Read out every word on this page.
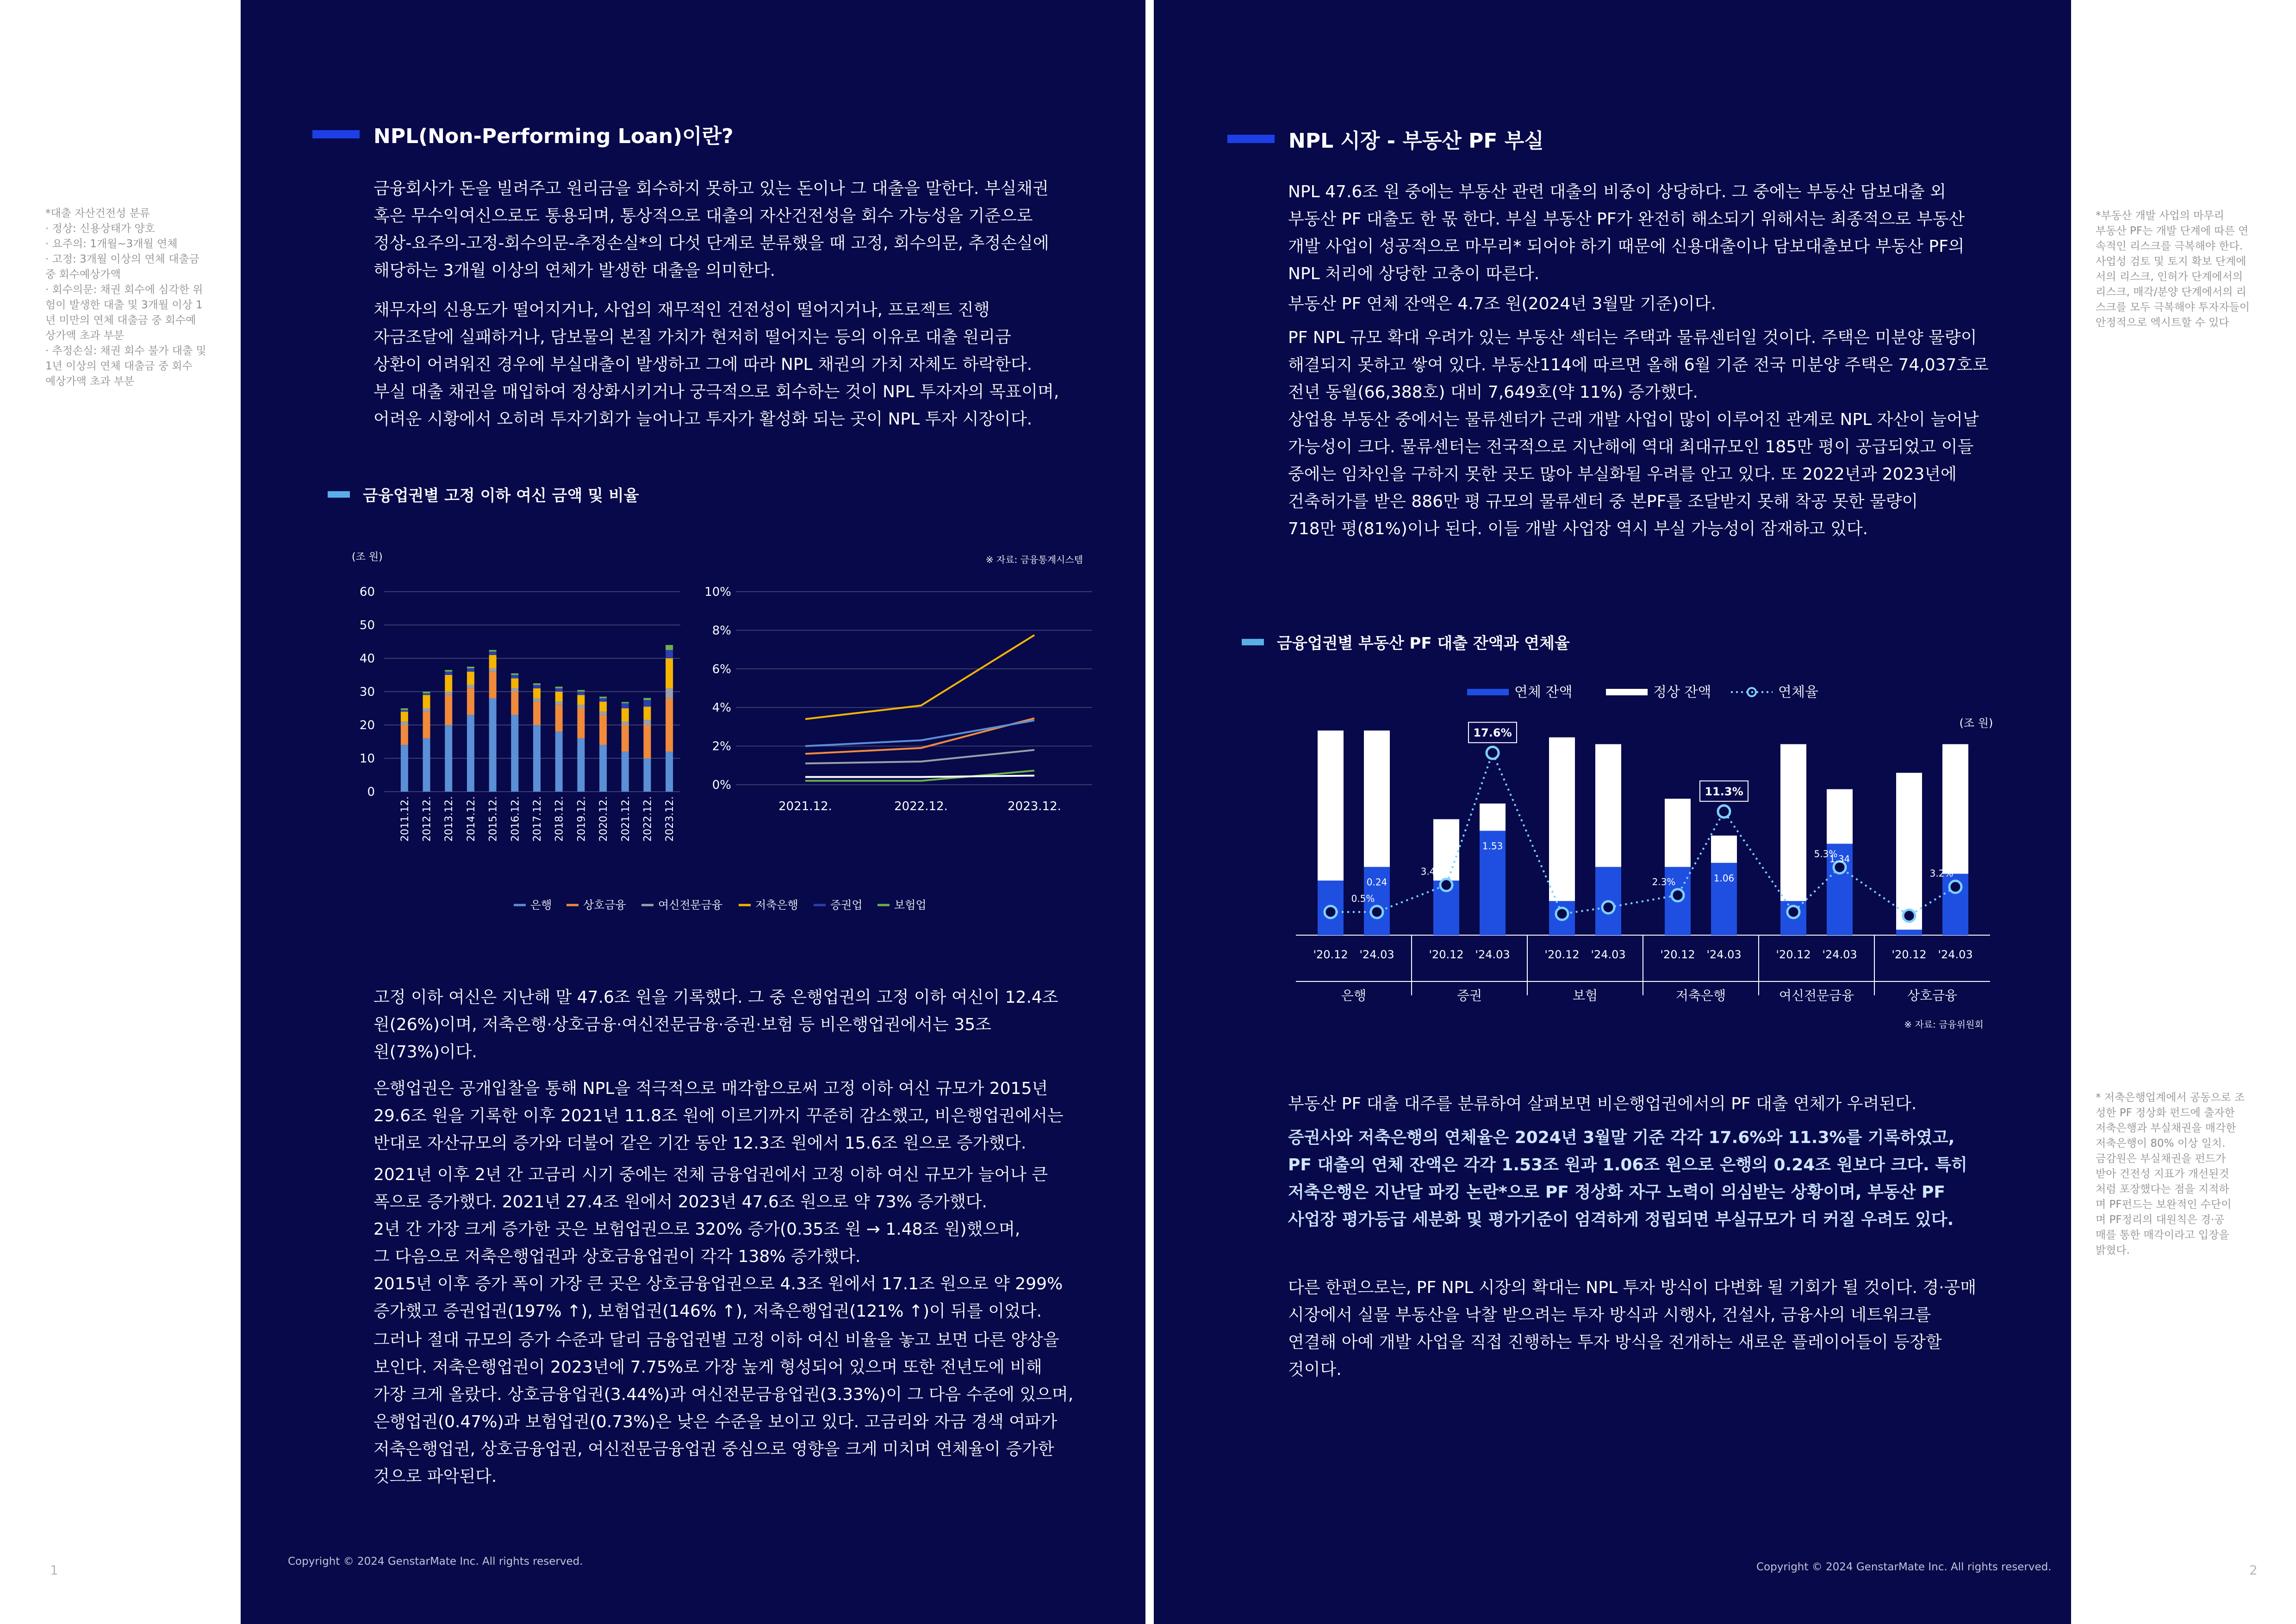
*대출 자산건전성 분류
· 정상: 신용상태가 양호
· 요주의: 1개월~3개월 연체
· 고정: 3개월 이상의 연체 대출금
중 회수예상가액
· 회수의문: 채권 회수에 심각한 위
험이 발생한 대출 및 3개월 이상 1
년 미만의 연체 대출금 중 회수예
상가액 초과 부분
· 추정손실: 채권 회수 불가 대출 및
1년 이상의 연체 대출금 중 회수
예상가액 초과 부분
NPL(Non-Performing Loan)이란?
금융회사가 돈을 빌려주고 원리금을 회수하지 못하고 있는 돈이나 그 대출을 말한다. 부실채권
혹은 무수익여신으로도 통용되며, 통상적으로 대출의 자산건전성을 회수 가능성을 기준으로
정상-요주의-고정-회수의문-추정손실*의 다섯 단계로 분류했을 때 고정, 회수의문, 추정손실에
해당하는 3개월 이상의 연체가 발생한 대출을 의미한다.
채무자의 신용도가 떨어지거나, 사업의 재무적인 건전성이 떨어지거나, 프로젝트 진행
자금조달에 실패하거나, 담보물의 본질 가치가 현저히 떨어지는 등의 이유로 대출 원리금
상환이 어려워진 경우에 부실대출이 발생하고 그에 따라 NPL 채권의 가치 자체도 하락한다.
부실 대출 채권을 매입하여 정상화시키거나 궁극적으로 회수하는 것이 NPL 투자자의 목표이며,
어려운 시황에서 오히려 투자기회가 늘어나고 투자가 활성화 되는 곳이 NPL 투자 시장이다.
금융업권별 고정 이하 여신 금액 및 비율
(조 원)
60
50
40
30
20
10
0
2011.12. 2012.12. 2013.12. 2014.12. 2015.12. 2016.12. 2017.12. 2018.12. 2019.12. 2020.12. 2021.12. 2022.12. 2023.12.
※ 자료: 금융통계시스템
10%
8%
6%
4%
2%
0%
2021.12.	2022.12.	2023.12.
은행	상호금융	여신전문금융	저축은행	증권업	보험업
고정 이하 여신은 지난해 말 47.6조 원을 기록했다. 그 중 은행업권의 고정 이하 여신이 12.4조
원(26%)이며, 저축은행·상호금융·여신전문금융·증권·보험 등 비은행업권에서는 35조
원(73%)이다.
은행업권은 공개입찰을 통해 NPL을 적극적으로 매각함으로써 고정 이하 여신 규모가 2015년
29.6조 원을 기록한 이후 2021년 11.8조 원에 이르기까지 꾸준히 감소했고, 비은행업권에서는
반대로 자산규모의 증가와 더불어 같은 기간 동안 12.3조 원에서 15.6조 원으로 증가했다.
2021년 이후 2년 간 고금리 시기 중에는 전체 금융업권에서 고정 이하 여신 규모가 늘어나 큰
폭으로 증가했다. 2021년 27.4조 원에서 2023년 47.6조 원으로 약 73% 증가했다.
2년 간 가장 크게 증가한 곳은 보험업권으로 320% 증가(0.35조 원 → 1.48조 원)했으며,
그 다음으로 저축은행업권과 상호금융업권이 각각 138% 증가했다.
2015년 이후 증가 폭이 가장 큰 곳은 상호금융업권으로 4.3조 원에서 17.1조 원으로 약 299%
증가했고 증권업권(197% ↑), 보험업권(146% ↑), 저축은행업권(121% ↑)이 뒤를 이었다.
그러나 절대 규모의 증가 수준과 달리 금융업권별 고정 이하 여신 비율을 놓고 보면 다른 양상을
보인다. 저축은행업권이 2023년에 7.75%로 가장 높게 형성되어 있으며 또한 전년도에 비해
가장 크게 올랐다. 상호금융업권(3.44%)과 여신전문금융업권(3.33%)이 그 다음 수준에 있으며,
은행업권(0.47%)과 보험업권(0.73%)은 낮은 수준을 보이고 있다. 고금리와 자금 경색 여파가
저축은행업권, 상호금융업권, 여신전문금융업권 중심으로 영향을 크게 미치며 연체율이 증가한
것으로 파악된다.
Copyright © 2024 GenstarMate Inc. All rights reserved.
1
NPL 시장 - 부동산 PF 부실
NPL 47.6조 원 중에는 부동산 관련 대출의 비중이 상당하다. 그 중에는 부동산 담보대출 외
부동산 PF 대출도 한 몫 한다. 부실 부동산 PF가 완전히 해소되기 위해서는 최종적으로 부동산
개발 사업이 성공적으로 마무리* 되어야 하기 때문에 신용대출이나 담보대출보다 부동산 PF의
NPL 처리에 상당한 고충이 따른다.
부동산 PF 연체 잔액은 4.7조 원(2024년 3월말 기준)이다.
PF NPL 규모 확대 우려가 있는 부동산 섹터는 주택과 물류센터일 것이다. 주택은 미분양 물량이
해결되지 못하고 쌓여 있다. 부동산114에 따르면 올해 6월 기준 전국 미분양 주택은 74,037호로
전년 동월(66,388호) 대비 7,649호(약 11%) 증가했다.
상업용 부동산 중에서는 물류센터가 근래 개발 사업이 많이 이루어진 관계로 NPL 자산이 늘어날
가능성이 크다. 물류센터는 전국적으로 지난해에 역대 최대규모인 185만 평이 공급되었고 이들
중에는 임차인을 구하지 못한 곳도 많아 부실화될 우려를 안고 있다. 또 2022년과 2023년에
건축허가를 받은 886만 평 규모의 물류센터 중 본PF를 조달받지 못해 착공 못한 물량이
718만 평(81%)이나 된다. 이들 개발 사업장 역시 부실 가능성이 잠재하고 있다.
*부동산 개발 사업의 마무리
부동산 PF는 개발 단계에 따른 연
속적인 리스크를 극복해야 한다.
사업성 검토 및 토지 확보 단계에
서의 리스크, 인허가 단계에서의
리스크, 매각/분양 단계에서의 리
스크를 모두 극복해야 투자자들이
안정적으로 엑시트할 수 있다
* 저축은행업계에서 공동으로 조
성한 PF 정상화 펀드에 출자한
저축은행과 부실채권을 매각한
저축은행이 80% 이상 일치.
금감원은 부실채권을 펀드가
받아 건전성 지표가 개선된것
처럼 포장했다는 점을 지적하
며 PF펀드는 보완적인 수단이
며 PF정리의 대원칙은 경·공
매를 통한 매각이라고 입장을
밝혔다.
금융업권별 부동산 PF 대출 잔액과 연체율
연체 잔액	정상 잔액	연체율
(조 원)
'20.12 '24.03	'20.12 '24.03	'20.12 '24.03	'20.12 '24.03	'20.12 '24.03	'20.12 '24.03
은행	증권	보험	저축은행	여신전문금융	상호금융
0.5%
3.4%
17.6%
2.3%
11.3%
5.3%
3.2%
0.24
1.53
1.06
1.34
※ 자료: 금융위원회
부동산 PF 대출 대주를 분류하여 살펴보면 비은행업권에서의 PF 대출 연체가 우려된다.
증권사와 저축은행의 연체율은 2024년 3월말 기준 각각 17.6%와 11.3%를 기록하였고,
PF 대출의 연체 잔액은 각각 1.53조 원과 1.06조 원으로 은행의 0.24조 원보다 크다. 특히
저축은행은 지난달 파킹 논란*으로 PF 정상화 자구 노력이 의심받는 상황이며, 부동산 PF
사업장 평가등급 세분화 및 평가기준이 엄격하게 정립되면 부실규모가 더 커질 우려도 있다.
다른 한편으로는, PF NPL 시장의 확대는 NPL 투자 방식이 다변화 될 기회가 될 것이다. 경·공매
시장에서 실물 부동산을 낙찰 받으려는 투자 방식과 시행사, 건설사, 금융사의 네트워크를
연결해 아예 개발 사업을 직접 진행하는 투자 방식을 전개하는 새로운 플레이어들이 등장할
것이다.
Copyright © 2024 GenstarMate Inc. All rights reserved.	2
